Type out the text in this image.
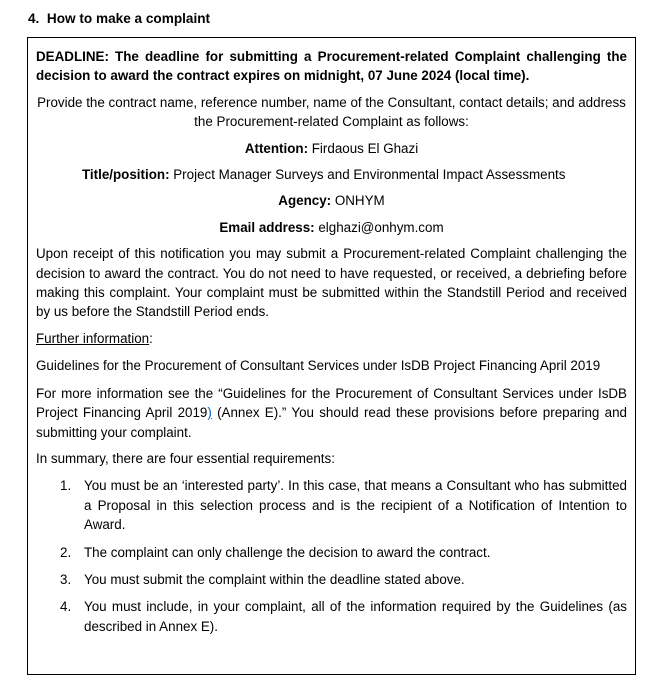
4. How to make a complaint

DEADLINE: The deadline for submitting a Procurement-related Complaint challenging the decision to award the contract expires on midnight, 07 June 2024 (local time).

Provide the contract name, reference number, name of the Consultant, contact details; and address the Procurement-related Complaint as follows:

Attention: Firdaous El Ghazi

Title/position: Project Manager Surveys and Environmental Impact Assessments

Agency: ONHYM

Email address: elghazi@onhym.com

Upon receipt of this notification you may submit a Procurement-related Complaint challenging the decision to award the contract. You do not need to have requested, or received, a debriefing before making this complaint. Your complaint must be submitted within the Standstill Period and received by us before the Standstill Period ends.

Further information:

Guidelines for the Procurement of Consultant Services under IsDB Project Financing April 2019

For more information see the “Guidelines for the Procurement of Consultant Services under IsDB Project Financing April 2019) (Annex E).” You should read these provisions before preparing and submitting your complaint.

In summary, there are four essential requirements:

1. You must be an ‘interested party’. In this case, that means a Consultant who has submitted a Proposal in this selection process and is the recipient of a Notification of Intention to Award.
2. The complaint can only challenge the decision to award the contract.
3. You must submit the complaint within the deadline stated above.
4. You must include, in your complaint, all of the information required by the Guidelines (as described in Annex E).
